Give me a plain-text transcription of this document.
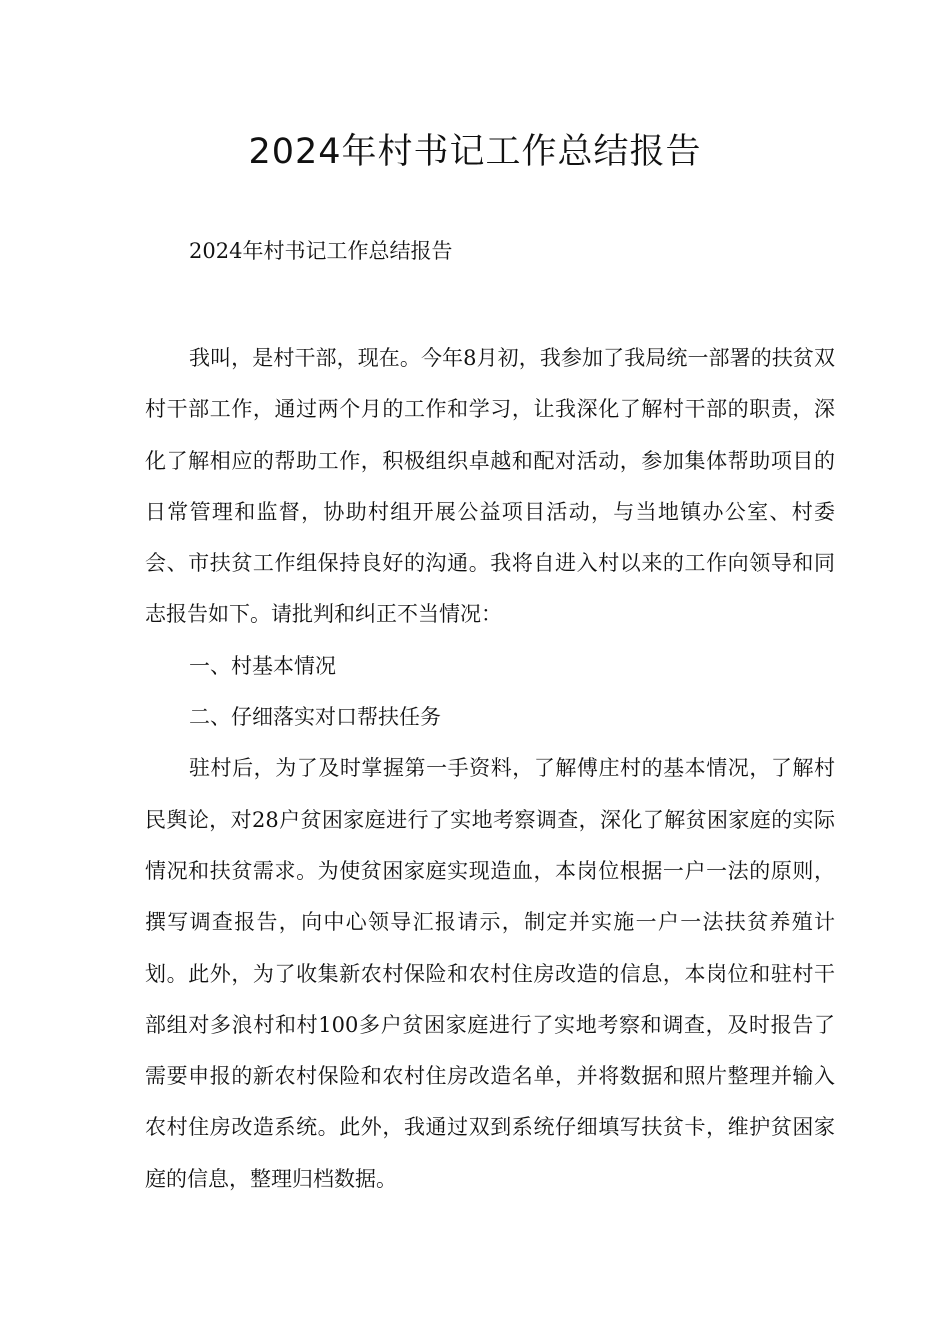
2024年村书记工作总结报告

2024年村书记工作总结报告

我叫，是村干部，现在。今年8月初，我参加了我局统一部署的扶贫双村干部工作，通过两个月的工作和学习，让我深化了解村干部的职责，深化了解相应的帮助工作，积极组织卓越和配对活动，参加集体帮助项目的日常管理和监督，协助村组开展公益项目活动，与当地镇办公室、村委会、市扶贫工作组保持良好的沟通。我将自进入村以来的工作向领导和同志报告如下。请批判和纠正不当情况：

一、村基本情况

二、仔细落实对口帮扶任务

驻村后，为了及时掌握第一手资料，了解傅庄村的基本情况，了解村民舆论，对28户贫困家庭进行了实地考察调查，深化了解贫困家庭的实际情况和扶贫需求。为使贫困家庭实现造血，本岗位根据一户一法的原则，撰写调查报告，向中心领导汇报请示，制定并实施一户一法扶贫养殖计划。此外，为了收集新农村保险和农村住房改造的信息，本岗位和驻村干部组对多浪村和村100多户贫困家庭进行了实地考察和调查，及时报告了需要申报的新农村保险和农村住房改造名单，并将数据和照片整理并输入农村住房改造系统。此外，我通过双到系统仔细填写扶贫卡，维护贫困家庭的信息，整理归档数据。
